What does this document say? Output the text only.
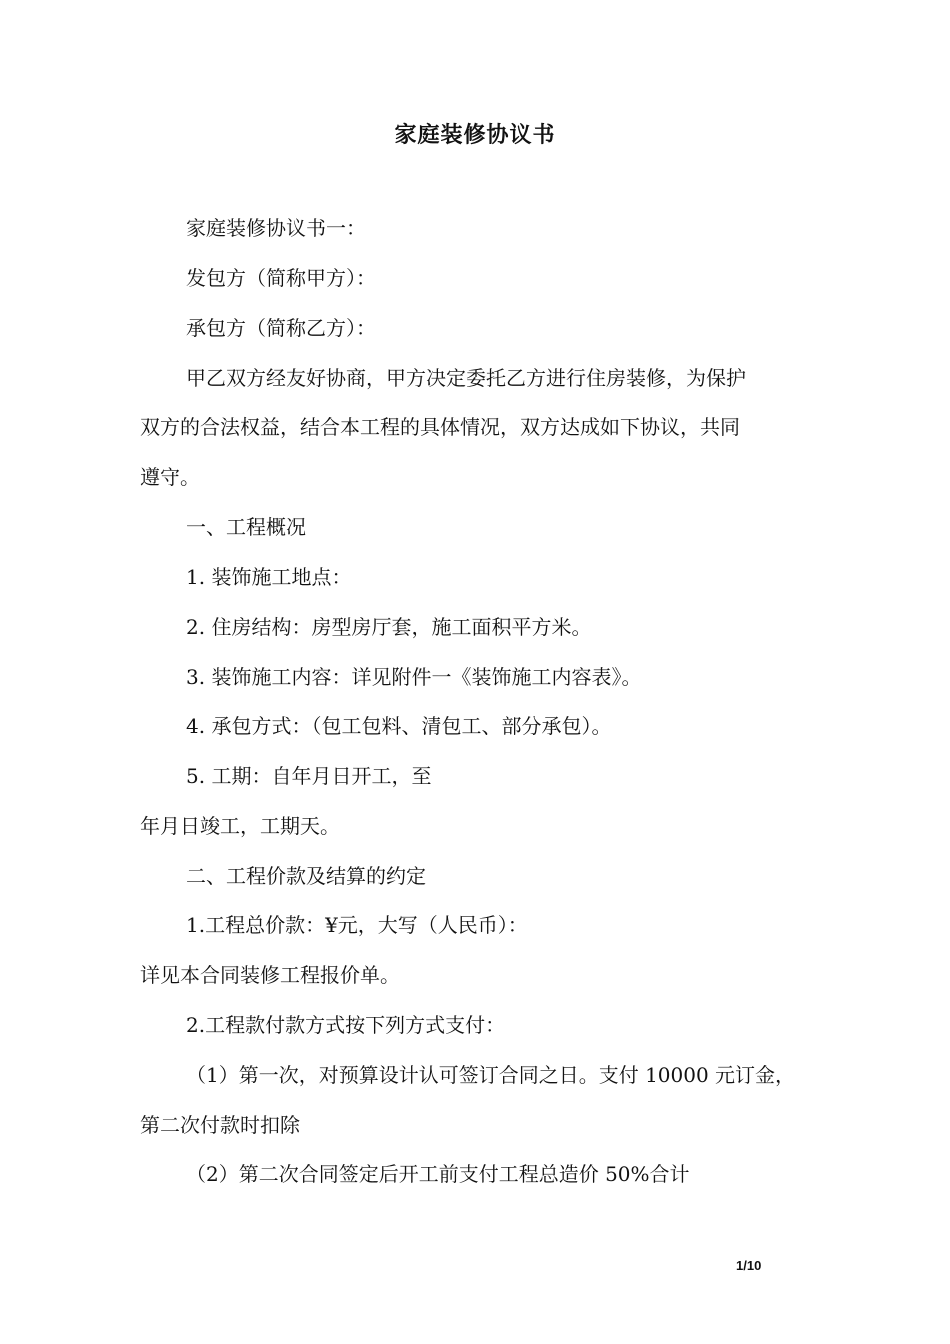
家庭装修协议书
家庭装修协议书一：
发包方（简称甲方）：
承包方（简称乙方）：
甲乙双方经友好协商，甲方决定委托乙方进行住房装修，为保护
双方的合法权益，结合本工程的具体情况，双方达成如下协议，共同
遵守。
一、工程概况
1. 装饰施工地点：
2. 住房结构：房型房厅套，施工面积平方米。
3. 装饰施工内容：详见附件一《装饰施工内容表》。
4. 承包方式：（包工包料、清包工、部分承包）。
5. 工期：自年月日开工，至
年月日竣工，工期天。
二、工程价款及结算的约定
1.工程总价款：¥元，大写（人民币）：
详见本合同装修工程报价单。
2.工程款付款方式按下列方式支付：
（1）第一次，对预算设计认可签订合同之日。支付 10000 元订金，
第二次付款时扣除
（2）第二次合同签定后开工前支付工程总造价 50%合计
1/10
